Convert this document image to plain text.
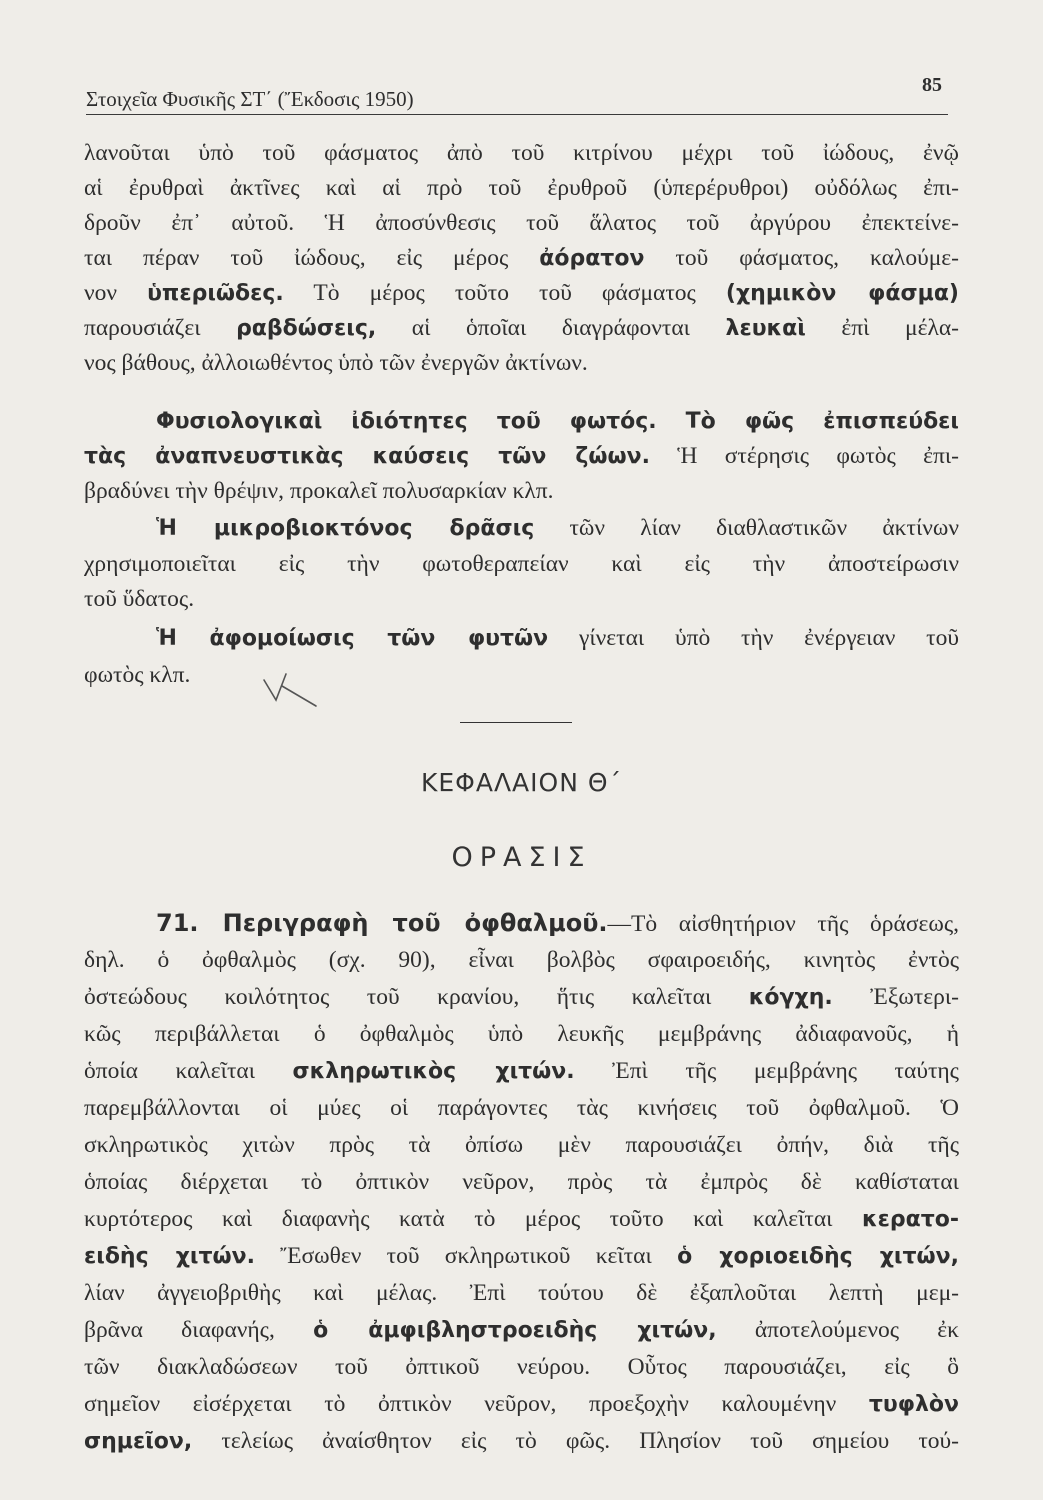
Στοιχεῖα Φυσικῆς ΣΤ΄ (Ἔκδοσις 1950)
85
λανοῦται ὑπὸ τοῦ φάσματος ἀπὸ τοῦ κιτρίνου μέχρι τοῦ ἰώδους, ἐνῷ
αἱ ἐρυθραὶ ἀκτῖνες καὶ αἱ πρὸ τοῦ ἐρυθροῦ (ὑπερέρυθροι) οὐδόλως ἐπι-
δροῦν ἐπ᾿ αὐτοῦ. Ἡ ἀποσύνθεσις τοῦ ἅλατος τοῦ ἀργύρου ἐπεκτείνε-
ται πέραν τοῦ ἰώδους, εἰς μέρος ἀόρατον τοῦ φάσματος, καλούμε-
νον ὑπεριῶδες. Τὸ μέρος τοῦτο τοῦ φάσματος (χημικὸν φάσμα)
παρουσιάζει ραβδώσεις, αἱ ὁποῖαι διαγράφονται λευκαὶ ἐπὶ μέλα-
νος βάθους, ἀλλοιωθέντος ὑπὸ τῶν ἐνεργῶν ἀκτίνων.
Φυσιολογικαὶ ἰδιότητες τοῦ φωτός. Τὸ φῶς ἐπισπεύδει
τὰς ἀναπνευστικὰς καύσεις τῶν ζώων. Ἡ στέρησις φωτὸς ἐπι-
βραδύνει τὴν θρέψιν, προκαλεῖ πολυσαρκίαν κλπ.
Ἡ μικροβιοκτόνος δρᾶσις τῶν λίαν διαθλαστικῶν ἀκτίνων
χρησιμοποιεῖται εἰς τὴν φωτοθεραπείαν καὶ εἰς τὴν ἀποστείρωσιν
τοῦ ὕδατος.
Ἡ ἀφομοίωσις τῶν φυτῶν γίνεται ὑπὸ τὴν ἐνέργειαν τοῦ
φωτὸς κλπ.
ΚΕΦΑΛΑΙΟΝ Θ΄
ΟΡΑΣΙΣ
71. Περιγραφὴ τοῦ ὀφθαλμοῦ.—Τὸ αἰσθητήριον τῆς ὁράσεως,
δηλ. ὁ ὀφθαλμὸς (σχ. 90), εἶναι βολβὸς σφαιροειδής, κινητὸς ἐντὸς
ὀστεώδους κοιλότητος τοῦ κρανίου, ἥτις καλεῖται κόγχη. Ἐξωτερι-
κῶς περιβάλλεται ὁ ὀφθαλμὸς ὑπὸ λευκῆς μεμβράνης ἀδιαφανοῦς, ἡ
ὁποία καλεῖται σκληρωτικὸς χιτών. Ἐπὶ τῆς μεμβράνης ταύτης
παρεμβάλλονται οἱ μύες οἱ παράγοντες τὰς κινήσεις τοῦ ὀφθαλμοῦ. Ὁ
σκληρωτικὸς χιτὼν πρὸς τὰ ὀπίσω μὲν παρουσιάζει ὀπήν, διὰ τῆς
ὁποίας διέρχεται τὸ ὀπτικὸν νεῦρον, πρὸς τὰ ἐμπρὸς δὲ καθίσταται
κυρτότερος καὶ διαφανὴς κατὰ τὸ μέρος τοῦτο καὶ καλεῖται κερατο-
ειδὴς χιτών. Ἔσωθεν τοῦ σκληρωτικοῦ κεῖται ὁ χοριοειδὴς χιτών,
λίαν ἀγγειοβριθὴς καὶ μέλας. Ἐπὶ τούτου δὲ ἐξαπλοῦται λεπτὴ μεμ-
βρᾶνα διαφανής, ὁ ἀμφιβληστροειδὴς χιτών, ἀποτελούμενος ἐκ
τῶν διακλαδώσεων τοῦ ὀπτικοῦ νεύρου. Οὗτος παρουσιάζει, εἰς ὃ
σημεῖον εἰσέρχεται τὸ ὀπτικὸν νεῦρον, προεξοχὴν καλουμένην τυφλὸν
σημεῖον, τελείως ἀναίσθητον εἰς τὸ φῶς. Πλησίον τοῦ σημείου τού-
